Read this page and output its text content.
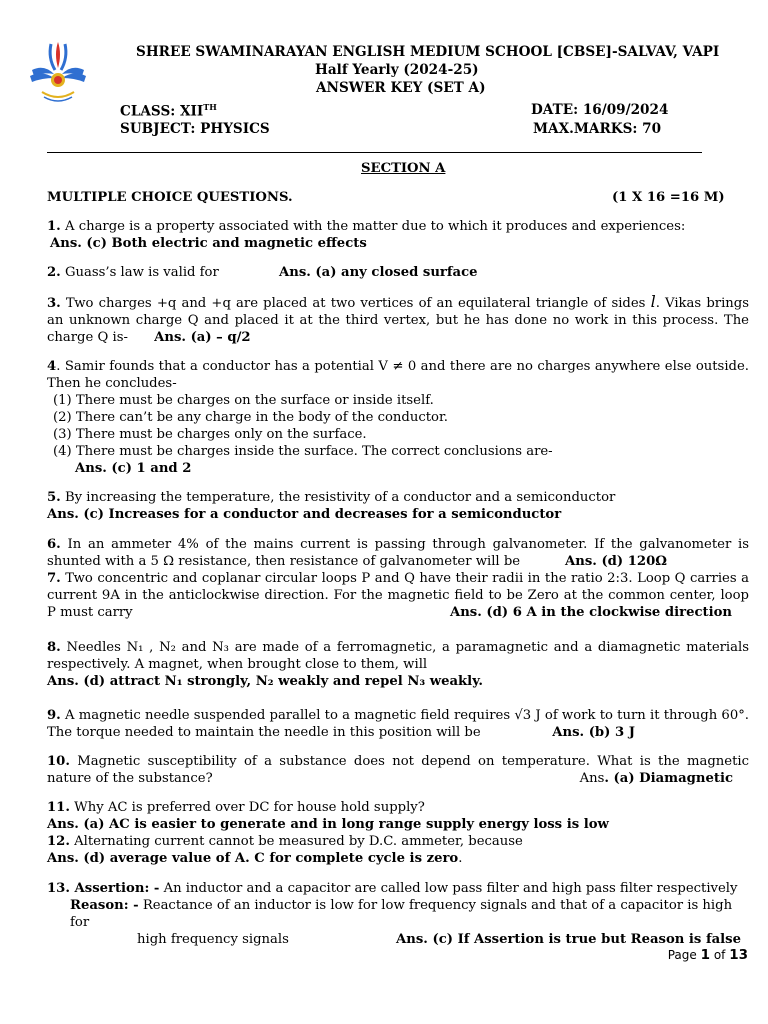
SHREE SWAMINARAYAN ENGLISH MEDIUM SCHOOL [CBSE]-SALVAV, VAPI
Half Yearly (2024-25)
ANSWER KEY (SET A)
CLASS: XIITH	DATE: 16/09/2024
SUBJECT: PHYSICS	MAX.MARKS: 70
SECTION A
MULTIPLE CHOICE QUESTIONS.	(1 X 16 =16 M)
1. A charge is a property associated with the matter due to which it produces and experiences:
Ans. (c) Both electric and magnetic effects
2. Guass’s law is valid for	Ans. (a) any closed surface
3. Two charges +q and +q are placed at two vertices of an equilateral triangle of sides l. Vikas brings an unknown charge Q and placed it at the third vertex, but he has done no work in this process. The charge Q is- Ans. (a) – q/2
4. Samir founds that a conductor has a potential V ≠ 0 and there are no charges anywhere else outside. Then he concludes-
(1) There must be charges on the surface or inside itself.
(2) There can’t be any charge in the body of the conductor.
(3) There must be charges only on the surface.
(4) There must be charges inside the surface. The correct conclusions are-
Ans. (c) 1 and 2
5. By increasing the temperature, the resistivity of a conductor and a semiconductor
Ans. (c) Increases for a conductor and decreases for a semiconductor
6. In an ammeter 4% of the mains current is passing through galvanometer. If the galvanometer is shunted with a 5 Ω resistance, then resistance of galvanometer will be	Ans. (d) 120Ω
7. Two concentric and coplanar circular loops P and Q have their radii in the ratio 2:3. Loop Q carries a current 9A in the anticlockwise direction. For the magnetic field to be Zero at the common center, loop P must carry	Ans. (d) 6 A in the clockwise direction
8. Needles N₁ , N₂ and N₃ are made of a ferromagnetic, a paramagnetic and a diamagnetic materials respectively. A magnet, when brought close to them, will
Ans. (d) attract N₁ strongly, N₂ weakly and repel N₃ weakly.
9. A magnetic needle suspended parallel to a magnetic field requires √3 J of work to turn it through 60°. The torque needed to maintain the needle in this position will be	Ans. (b) 3 J
10. Magnetic susceptibility of a substance does not depend on temperature. What is the magnetic nature of the substance?	Ans. (a) Diamagnetic
11. Why AC is preferred over DC for house hold supply?
Ans. (a) AC is easier to generate and in long range supply energy loss is low
12. Alternating current cannot be measured by D.C. ammeter, because
Ans. (d) average value of A. C for complete cycle is zero.
13. Assertion: - An inductor and a capacitor are called low pass filter and high pass filter respectively
Reason: - Reactance of an inductor is low for low frequency signals and that of a capacitor is high for
high frequency signals	Ans. (c) If Assertion is true but Reason is false
Page 1 of 13
